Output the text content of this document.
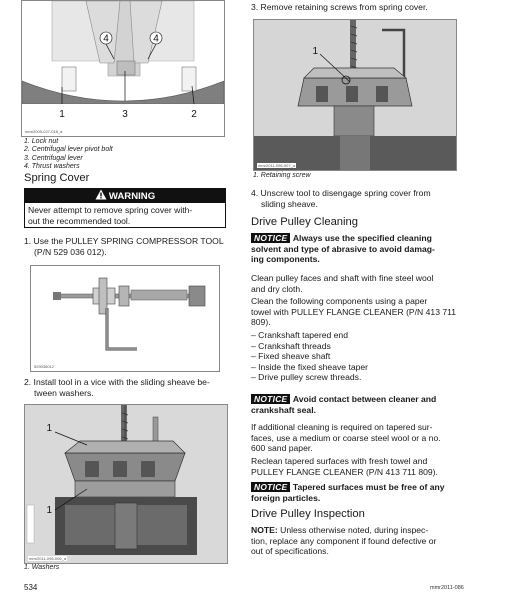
4	4
1	3	2
mmr2009-027-018_a
1. Lock nut
2. Centrifugal lever pivot bolt
3. Centrifugal lever
4. Thrust washers
Spring Cover
WARNING
Never attempt to remove spring cover with-
out the recommended tool.
1. Use the PULLEY SPRING COMPRESSOR TOOL
(P/N 529 036 012).
529036012
2. Install tool in a vice with the sliding sheave be-
tween washers.
1
1
mmr2011-096-006_a
1. Washers
3. Remove retaining screws from spring cover.
1
mmr2011-096-007_a
1. Retaining screw
4. Unscrew tool to disengage spring cover from
sliding sheave.
Drive Pulley Cleaning
NOTICE Always use the specified cleaning
solvent and type of abrasive to avoid damag-
ing components.
Clean pulley faces and shaft with fine steel wool
and dry cloth.
Clean the following components using a paper
towel with PULLEY FLANGE CLEANER (P/N 413 711
809).
– Crankshaft tapered end
– Crankshaft threads
– Fixed sheave shaft
– Inside the fixed sheave taper
– Drive pulley screw threads.
NOTICE Avoid contact between cleaner and
crankshaft seal.
If additional cleaning is required on tapered sur-
faces, use a medium or coarse steel wool or a no.
600 sand paper.
Reclean tapered surfaces with fresh towel and
PULLEY FLANGE CLEANER (P/N 413 711 809).
NOTICE Tapered surfaces must be free of any
foreign particles.
Drive Pulley Inspection
NOTE: Unless otherwise noted, during inspec-
tion, replace any component if found defective or
out of specifications.
534	mmr2011-086
